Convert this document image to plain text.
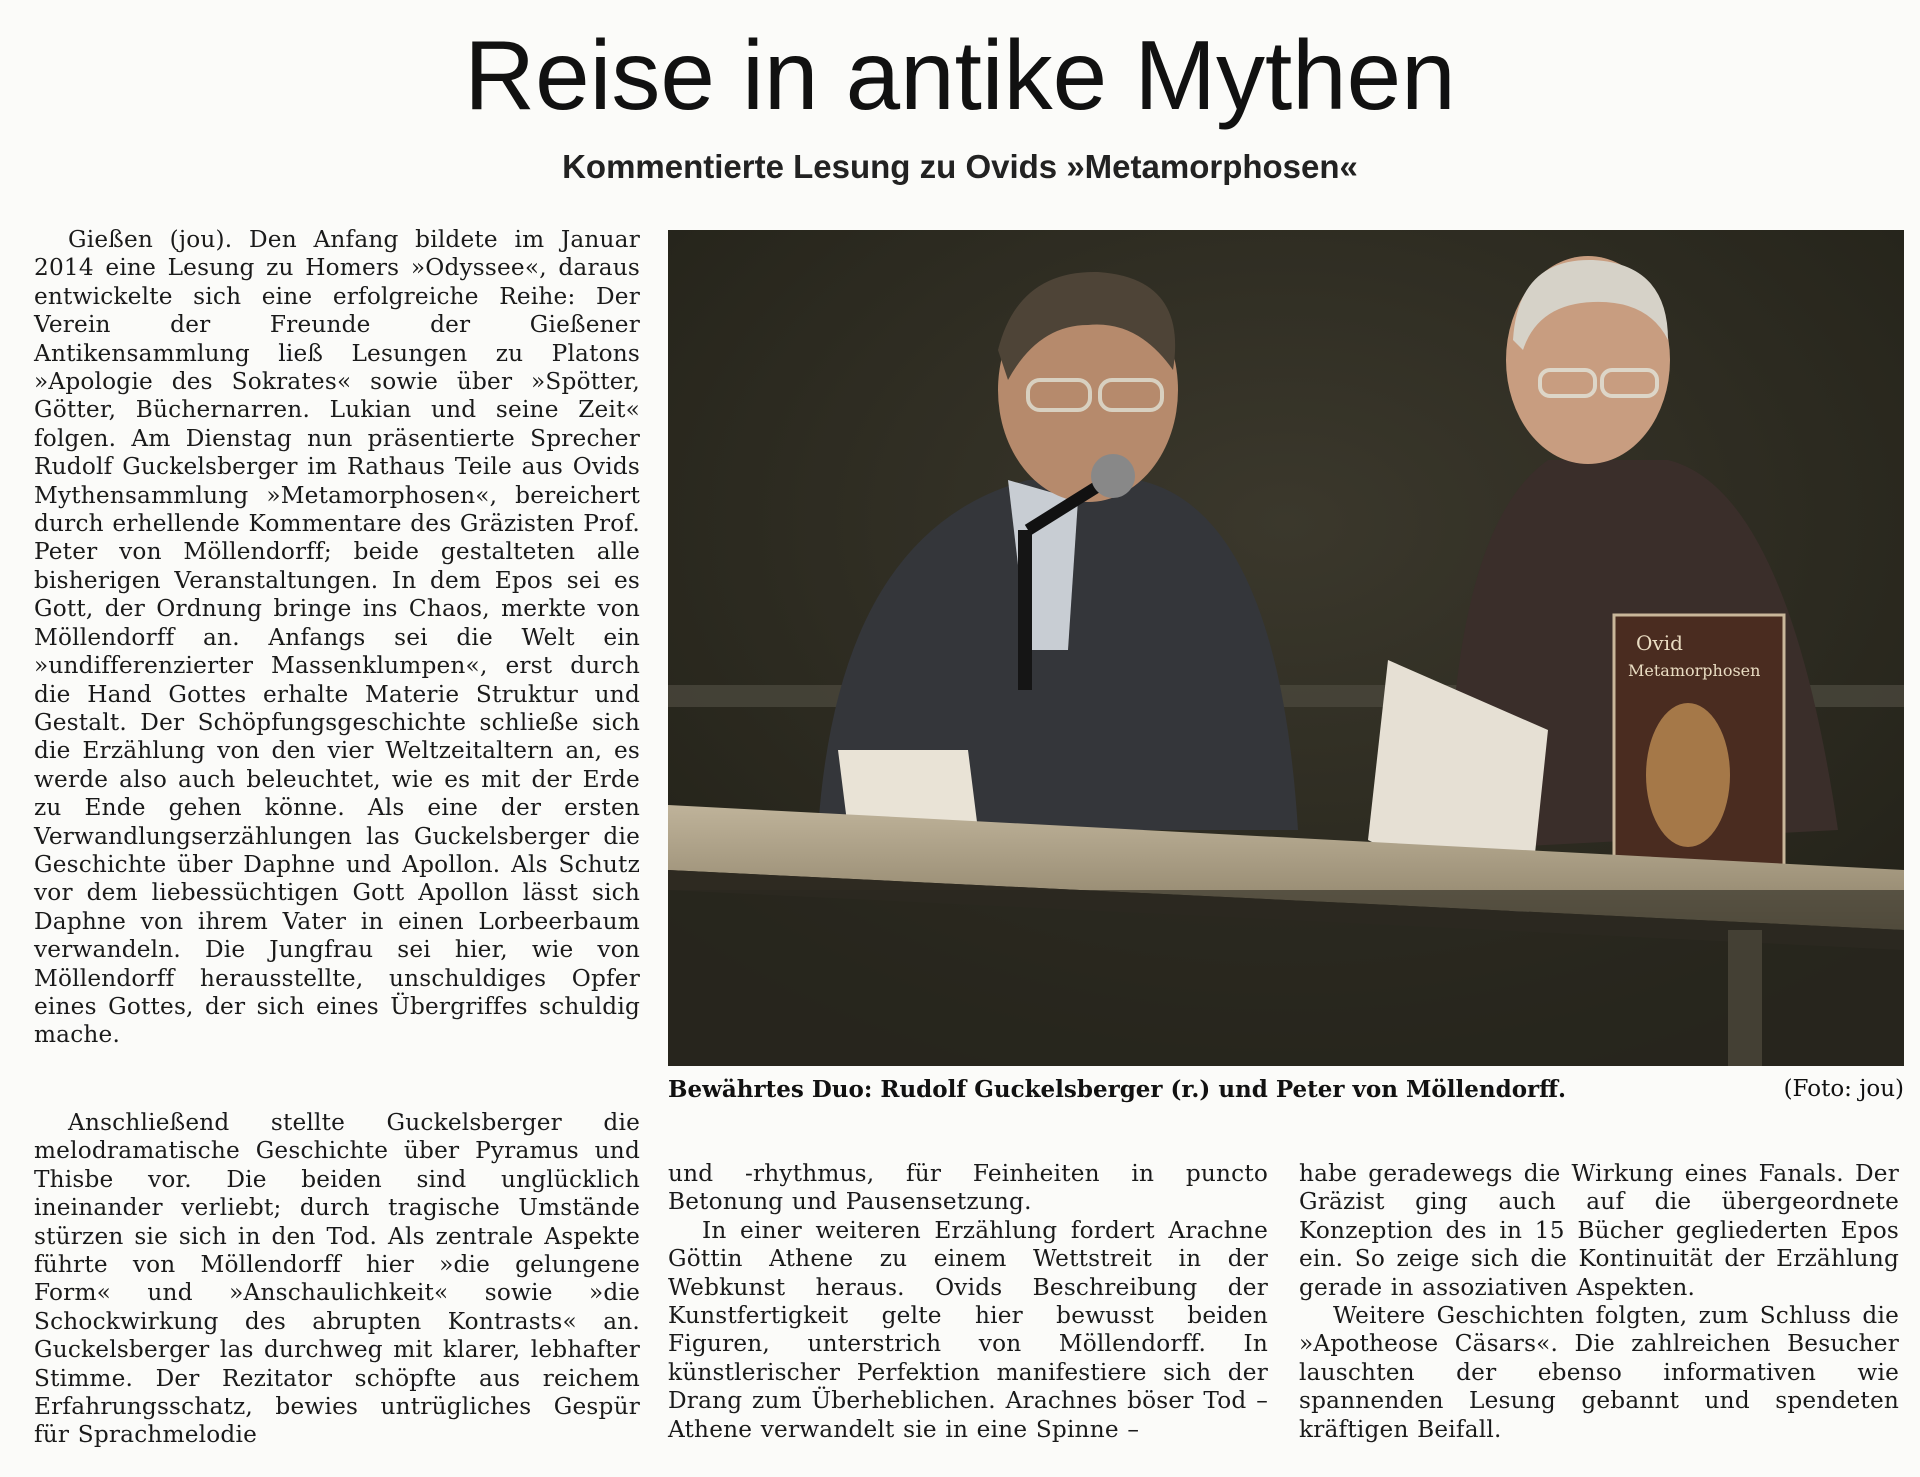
Reise in antike Mythen
Kommentierte Lesung zu Ovids »Metamorphosen«

Gießen (jou). Den Anfang bildete im Januar 2014 eine Lesung zu Homers »Odyssee«, daraus entwickelte sich eine erfolgreiche Reihe: Der Verein der Freunde der Gießener Antikensammlung ließ Lesungen zu Platons »Apologie des Sokrates« sowie über »Spötter, Götter, Büchernarren. Lukian und seine Zeit« folgen. Am Dienstag nun präsentierte Sprecher Rudolf Guckelsberger im Rathaus Teile aus Ovids Mythensammlung »Metamorphosen«, bereichert durch erhellende Kommentare des Gräzisten Prof. Peter von Möllendorff; beide gestalteten alle bisherigen Veranstaltungen. In dem Epos sei es Gott, der Ordnung bringe ins Chaos, merkte von Möllendorff an. Anfangs sei die Welt ein »undifferenzierter Massenklumpen«, erst durch die Hand Gottes erhalte Materie Struktur und Gestalt. Der Schöpfungsgeschichte schließe sich die Erzählung von den vier Weltzeitaltern an, es werde also auch beleuchtet, wie es mit der Erde zu Ende gehen könne. Als eine der ersten Verwandlungserzählungen las Guckelsberger die Geschichte über Daphne und Apollon. Als Schutz vor dem liebessüchtigen Gott Apollon lässt sich Daphne von ihrem Vater in einen Lorbeerbaum verwandeln. Die Jungfrau sei hier, wie von Möllendorff herausstellte, unschuldiges Opfer eines Gottes, der sich eines Übergriffes schuldig mache.

Anschließend stellte Guckelsberger die melodramatische Geschichte über Pyramus und Thisbe vor. Die beiden sind unglücklich ineinander verliebt; durch tragische Umstände stürzen sie sich in den Tod. Als zentrale Aspekte führte von Möllendorff hier »die gelungene Form« und »Anschaulichkeit« sowie »die Schockwirkung des abrupten Kontrasts« an. Guckelsberger las durchweg mit klarer, lebhafter Stimme. Der Rezitator schöpfte aus reichem Erfahrungsschatz, bewies untrügliches Gespür für Sprachmelodie

und -rhythmus, für Feinheiten in puncto Betonung und Pausensetzung.

In einer weiteren Erzählung fordert Arachne Göttin Athene zu einem Wettstreit in der Webkunst heraus. Ovids Beschreibung der Kunstfertigkeit gelte hier bewusst beiden Figuren, unterstrich von Möllendorff. In künstlerischer Perfektion manifestiere sich der Drang zum Überheblichen. Arachnes böser Tod – Athene verwandelt sie in eine Spinne –

habe geradewegs die Wirkung eines Fanals. Der Gräzist ging auch auf die übergeordnete Konzeption des in 15 Bücher gegliederten Epos ein. So zeige sich die Kontinuität der Erzählung gerade in assoziativen Aspekten.

Weitere Geschichten folgten, zum Schluss die »Apotheose Cäsars«. Die zahlreichen Besucher lauschten der ebenso informativen wie spannenden Lesung gebannt und spendeten kräftigen Beifall.

Ovid
Metamorphosen
Bewährtes Duo: Rudolf Guckelsberger (r.) und Peter von Möllendorff.	(Foto: jou)
